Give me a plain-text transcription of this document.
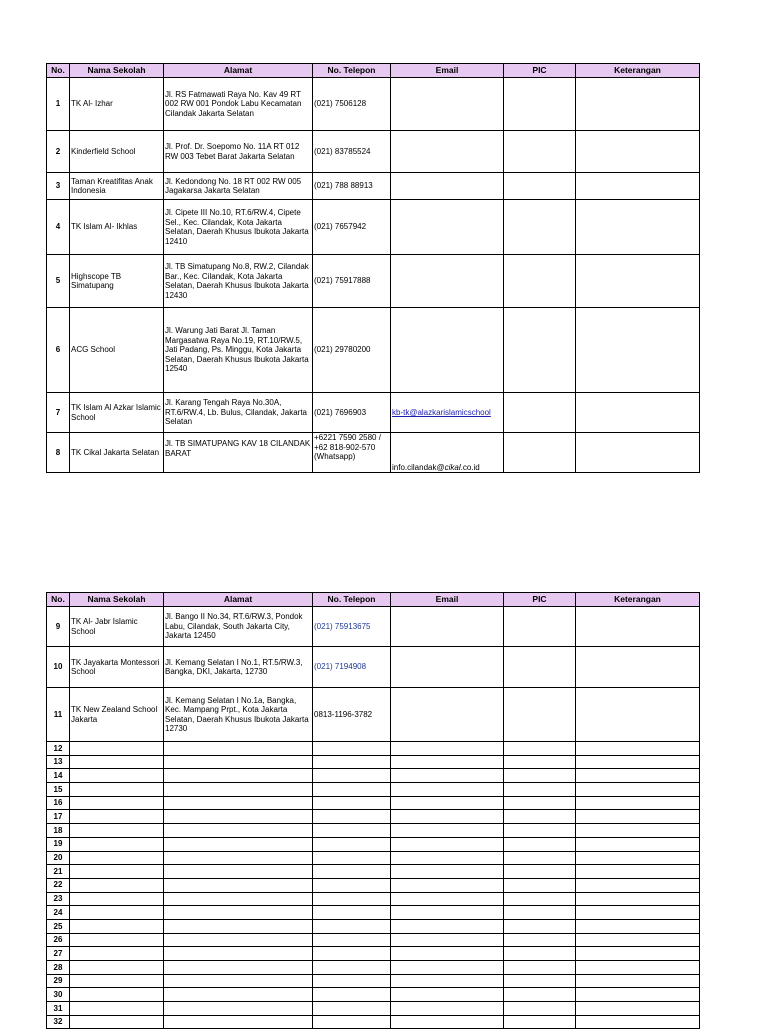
No.	Nama Sekolah	Alamat	No. Telepon	Email	PIC	Keterangan
1	TK Al- Izhar	Jl. RS Fatmawati Raya No. Kav 49 RT 002 RW 001 Pondok Labu Kecamatan Cilandak Jakarta Selatan	(021) 7506128			
2	Kinderfield School	Jl. Prof. Dr. Soepomo No. 11A RT 012 RW 003 Tebet Barat Jakarta Selatan	(021) 83785524			
3	Taman Kreatifitas Anak Indonesia	Jl. Kedondong No. 18 RT 002 RW 005 Jagakarsa Jakarta Selatan	(021) 788 88913			
4	TK Islam Al- Ikhlas	Jl. Cipete III No.10, RT.6/RW.4, Cipete Sel., Kec. Cilandak, Kota Jakarta Selatan, Daerah Khusus Ibukota Jakarta 12410	(021) 7657942			
5	Highscope TB Simatupang	Jl. TB Simatupang No.8, RW.2, Cilandak Bar., Kec. Cilandak, Kota Jakarta Selatan, Daerah Khusus Ibukota Jakarta 12430	(021) 75917888			
6	ACG School	Jl. Warung Jati Barat Jl. Taman Margasatwa Raya No.19, RT.10/RW.5, Jati Padang, Ps. Minggu, Kota Jakarta Selatan, Daerah Khusus Ibukota Jakarta 12540	(021) 29780200			
7	TK Islam Al Azkar Islamic School	Jl. Karang Tengah Raya No.30A, RT.6/RW.4, Lb. Bulus, Cilandak, Jakarta Selatan	(021) 7696903	kb-tk@alazkarislamicschool		
8	TK Cikal Jakarta Selatan	Jl. TB SIMATUPANG KAV 18 CILANDAK BARAT	+6221 7590 2580 / +62 818-902-570 (Whatsapp)	info.cilandak@cikal.co.id		
No.	Nama Sekolah	Alamat	No. Telepon	Email	PIC	Keterangan
9	TK Al- Jabr Islamic School	Jl. Bango II No.34, RT.6/RW.3, Pondok Labu, Cilandak, South Jakarta City, Jakarta 12450	(021) 75913675			
10	TK Jayakarta Montessori School	Jl. Kemang Selatan I No.1, RT.5/RW.3, Bangka, DKI, Jakarta, 12730	(021) 7194908			
11	TK New Zealand School Jakarta	Jl. Kemang Selatan I No.1a, Bangka, Kec. Mampang Prpt., Kota Jakarta Selatan, Daerah Khusus Ibukota Jakarta 12730	0813-1196-3782			
12						
13						
14						
15						
16						
17						
18						
19						
20						
21						
22						
23						
24						
25						
26						
27						
28						
29						
30						
31						
32						
